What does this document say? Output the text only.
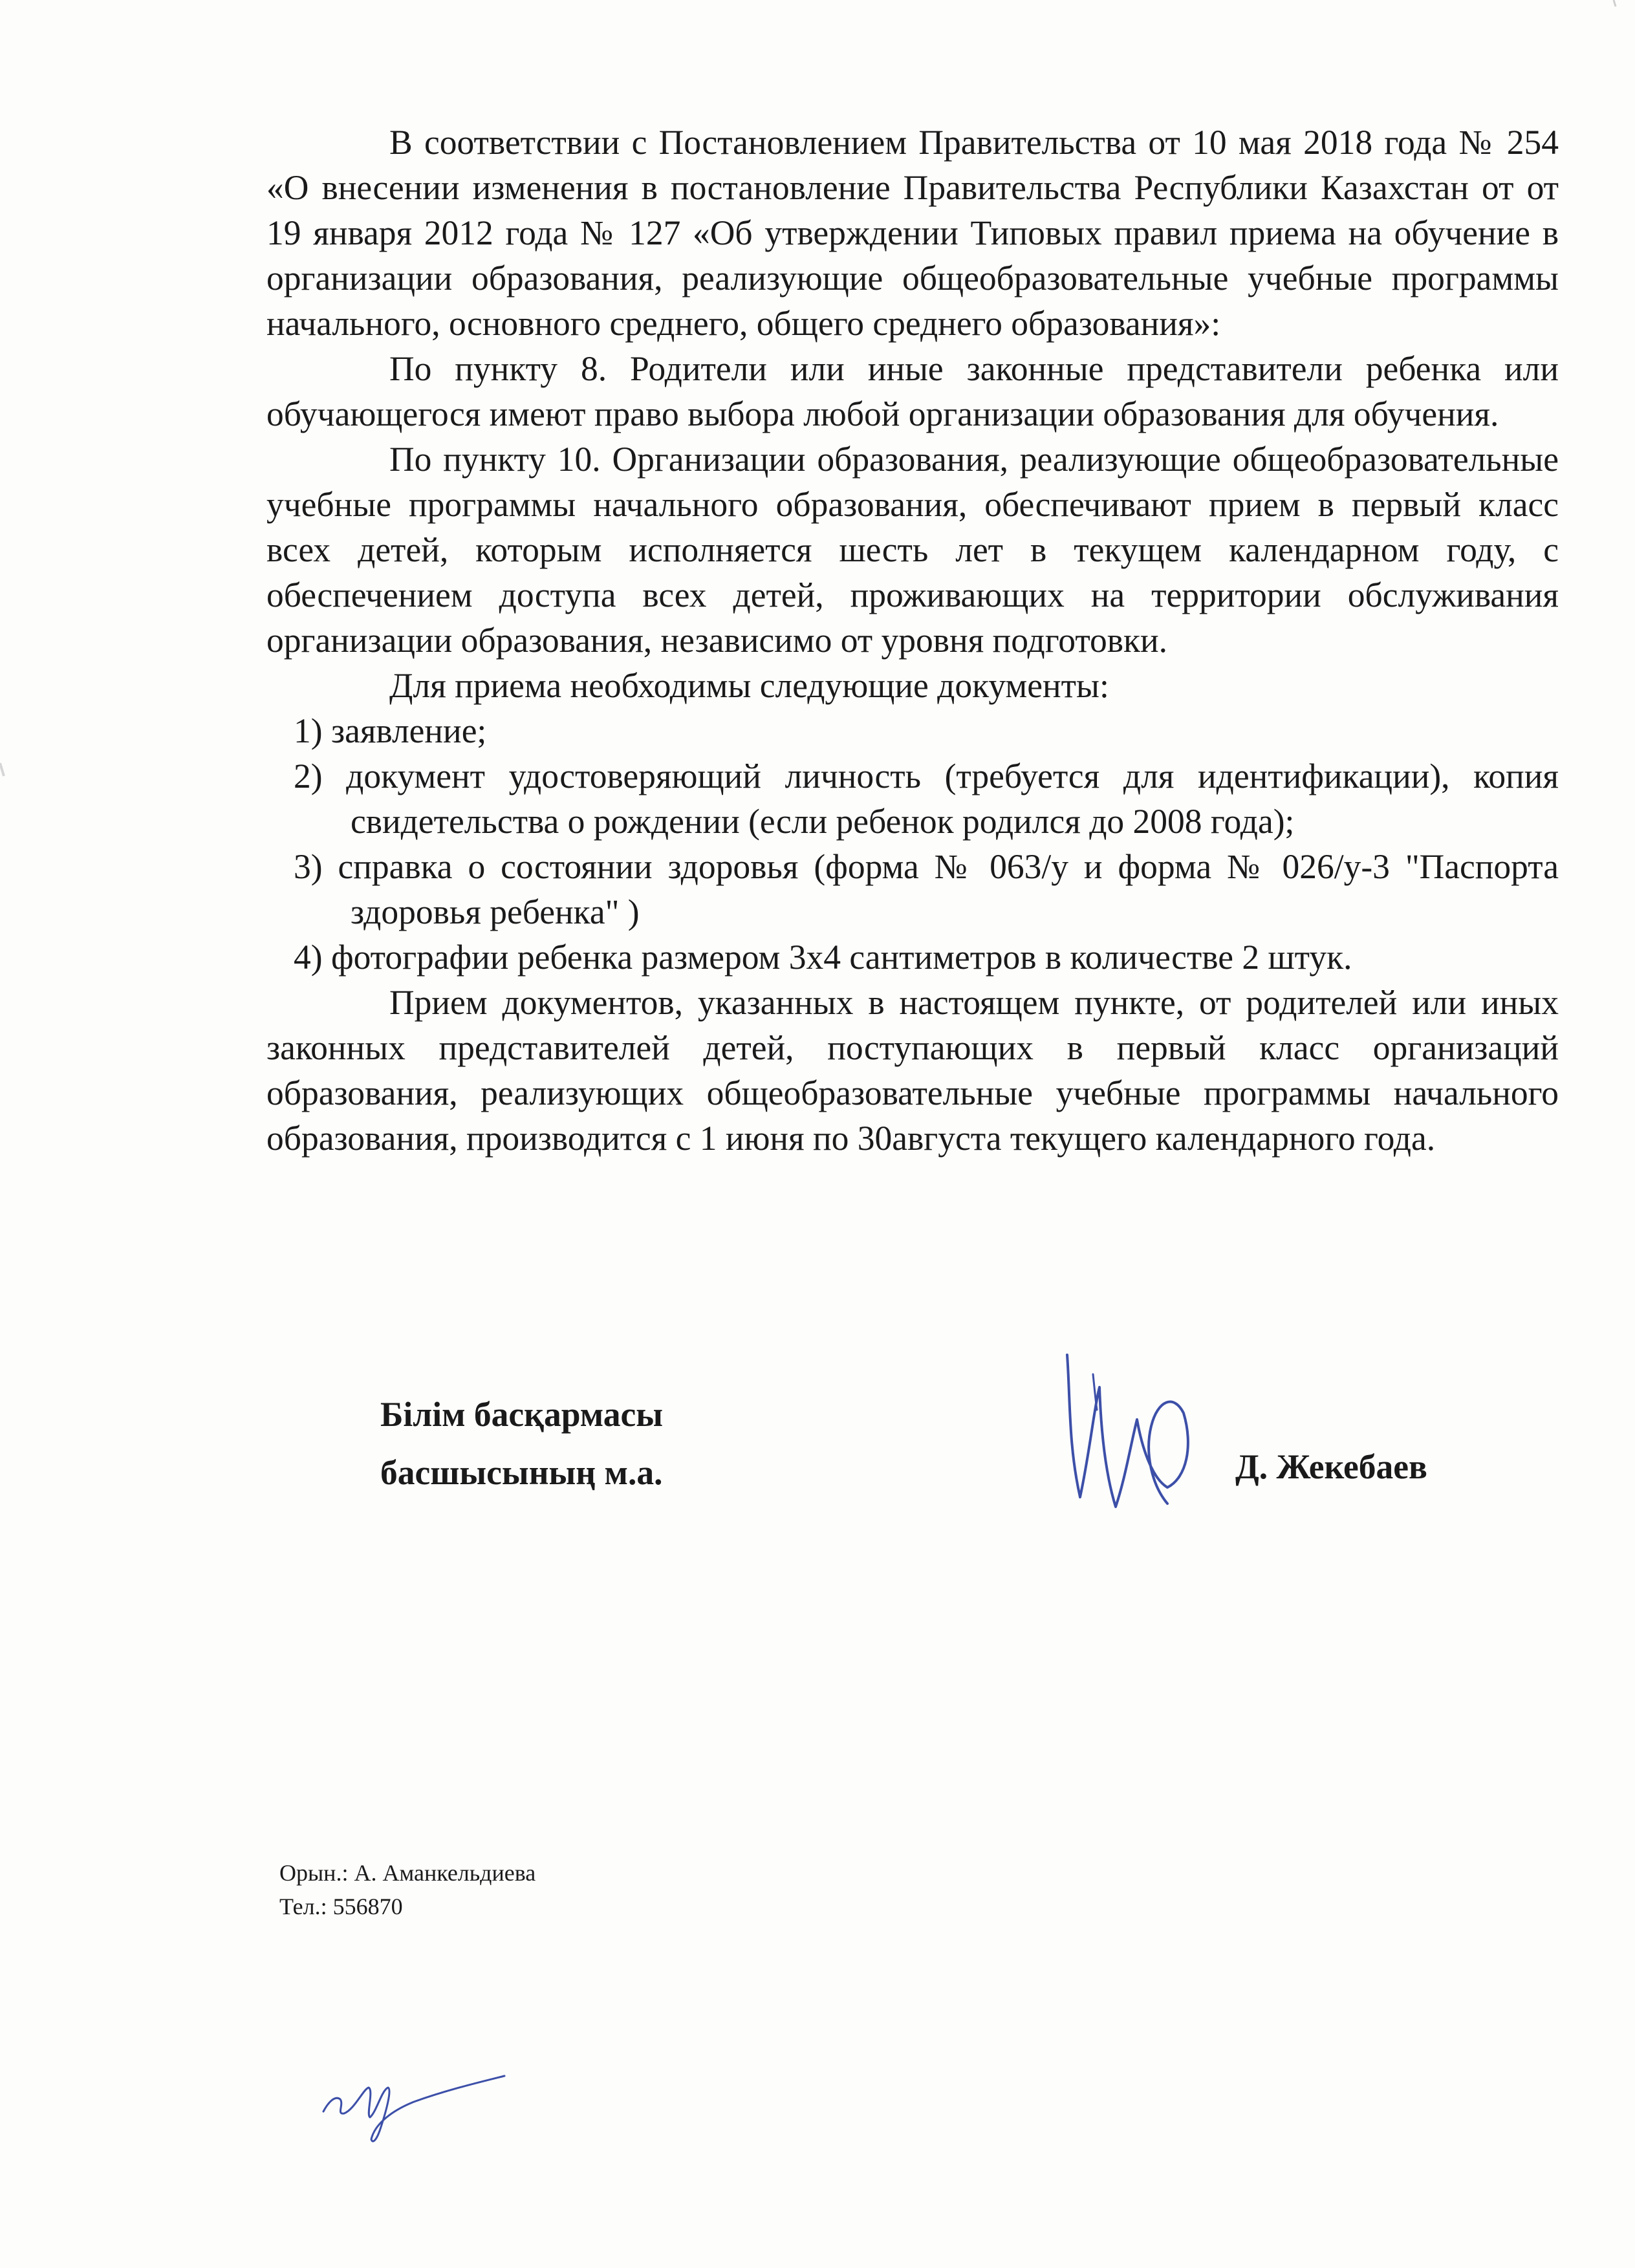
В соответствии с Постановлением Правительства от 10 мая 2018 года № 254 «О внесении изменения в постановление Правительства Республики Казахстан от от 19 января 2012 года № 127 «Об утверждении Типовых правил приема на обучение в организации образования, реализующие общеобразовательные учебные программы начального, основного среднего, общего среднего образования»:

По пункту 8. Родители или иные законные представители ребенка или обучающегося имеют право выбора любой организации образования для обучения.

По пункту 10. Организации образования, реализующие общеобразовательные учебные программы начального образования, обеспечивают прием в первый класс всех детей, которым исполняется шесть лет в текущем календарном году, с обеспечением доступа всех детей, проживающих на территории обслуживания организации образования, независимо от уровня подготовки.

Для приема необходимы следующие документы:

1) заявление;

2) документ удостоверяющий личность (требуется для идентификации), копия свидетельства о рождении (если ребенок родился до 2008 года);

3) справка о состоянии здоровья (форма № 063/у и форма № 026/у-3 "Паспорта здоровья ребенка" )

4) фотографии ребенка размером 3х4 сантиметров в количестве 2 штук.

Прием документов, указанных в настоящем пункте, от родителей или иных законных представителей детей, поступающих в первый класс организаций образования, реализующих общеобразовательные учебные программы начального образования, производится с 1 июня по 30августа текущего календарного года.

Білім басқармасы
басшысының м.а.	Д. Жекебаев
Орын.: А. Аманкельдиева
Тел.: 556870
